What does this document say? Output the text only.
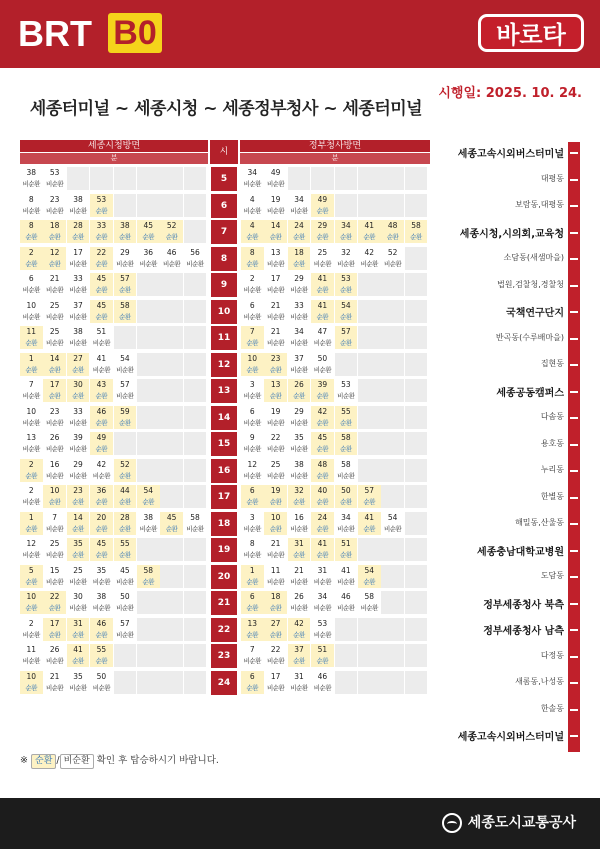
BRT B0	바로타
시행일: 2025. 10. 24.
세종터미널 ~ 세종시청 ~ 세종정부청사 ~ 세종터미널
세종시청방면
분
시
정부청사방면
분
38
비순환
53
비순환
34
비순환
49
비순환
5
8
비순환
23
비순환
38
비순환
53
순환
4
비순환
19
비순환
34
비순환
49
순환
6
8
순환
18
순환
28
순환
33
순환
38
순환
45
순환
52
순환
4
순환
14
순환
24
순환
29
순환
34
순환
41
순환
48
순환
58
순환
7
2
순환
12
순환
17
비순환
22
순환
29
비순환
36
비순환
46
비순환
56
비순환
8
순환
13
비순환
18
순환
25
비순환
32
비순환
42
비순환
52
비순환
8
6
비순환
21
비순환
33
비순환
45
순환
57
순환
2
비순환
17
비순환
29
비순환
41
순환
53
순환
9
10
비순환
25
비순환
37
비순환
45
순환
58
순환
6
비순환
21
비순환
33
비순환
41
순환
54
순환
10
11
순환
25
비순환
38
비순환
51
비순환
7
순환
21
비순환
34
비순환
47
비순환
57
순환
11
1
순환
14
순환
27
순환
41
비순환
54
비순환
10
순환
23
순환
37
비순환
50
비순환
12
7
비순환
17
순환
30
순환
43
순환
57
비순환
3
비순환
13
순환
26
순환
39
순환
53
비순환
13
10
비순환
23
비순환
33
비순환
46
순환
59
순환
6
비순환
19
비순환
29
비순환
42
순환
55
순환
14
13
비순환
26
비순환
39
비순환
49
순환
9
비순환
22
비순환
35
비순환
45
순환
58
순환
15
2
순환
16
비순환
29
비순환
42
비순환
52
순환
12
비순환
25
비순환
38
비순환
48
순환
58
비순환
16
2
비순환
10
순환
23
순환
36
순환
44
순환
54
순환
6
순환
19
순환
32
순환
40
순환
50
순환
57
순환
17
1
순환
7
비순환
14
순환
20
순환
28
순환
38
비순환
45
순환
58
비순환
3
비순환
10
순환
16
비순환
24
순환
34
비순환
41
순환
54
비순환
18
12
비순환
25
비순환
35
순환
45
순환
55
순환
8
비순환
21
비순환
31
순환
41
순환
51
순환
19
5
순환
15
비순환
25
비순환
35
비순환
45
비순환
58
순환
1
순환
11
비순환
21
비순환
31
비순환
41
비순환
54
순환
20
10
순환
22
순환
30
비순환
38
비순환
50
비순환
6
순환
18
순환
26
비순환
34
비순환
46
비순환
58
비순환
21
2
비순환
17
순환
31
순환
46
순환
57
비순환
13
순환
27
순환
42
순환
53
비순환
22
11
비순환
26
비순환
41
순환
55
순환
7
비순환
22
비순환
37
순환
51
순환
23
10
순환
21
비순환
35
비순환
50
비순환
6
순환
17
비순환
31
비순환
46
비순환
24
※ 순환 / 비순환 확인 후 탑승하시기 바랍니다.
세종고속시외버스터미널
대평동
보람동,대평동
세종시청,시의회,교육청
소담동(새샘마을)
법원,검찰청,경찰청
국책연구단지
반곡동(수루배마을)
집현동
세종공동캠퍼스
다솜동
용호동
누리동
한별동
해밀동,산울동
세종충남대학교병원
도담동
정부세종청사 북측
정부세종청사 남측
다정동
새롬동,나성동
한솔동
세종고속시외버스터미널
세종도시교통공사
